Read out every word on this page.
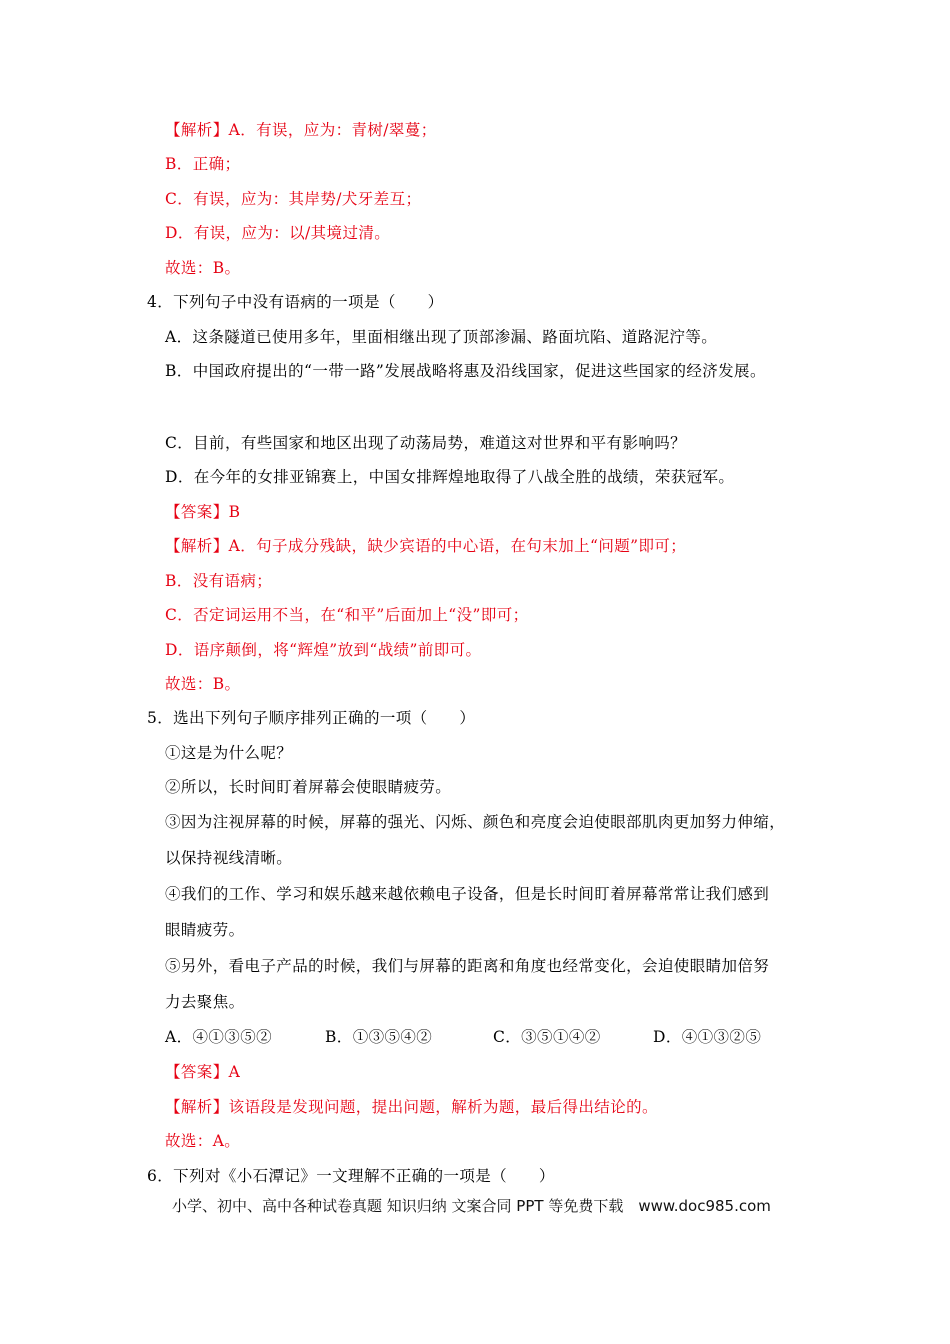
【解析】A．有误，应为：青树/翠蔓；
B．正确；
C．有误，应为：其岸势/犬牙差互；
D．有误，应为：以/其境过清。
故选：B。
4．下列句子中没有语病的一项是（　　）
A．这条隧道已使用多年，里面相继出现了顶部渗漏、路面坑陷、道路泥泞等。
B．中国政府提出的“一带一路”发展战略将惠及沿线国家，促进这些国家的经济发展。
C．目前，有些国家和地区出现了动荡局势，难道这对世界和平有影响吗？
D．在今年的女排亚锦赛上，中国女排辉煌地取得了八战全胜的战绩，荣获冠军。
【答案】B
【解析】A．句子成分残缺，缺少宾语的中心语，在句末加上“问题”即可；
B．没有语病；
C．否定词运用不当，在“和平”后面加上“没”即可；
D．语序颠倒，将“辉煌”放到“战绩”前即可。
故选：B。
5．选出下列句子顺序排列正确的一项（　　）
①这是为什么呢？
②所以，长时间盯着屏幕会使眼睛疲劳。
③因为注视屏幕的时候，屏幕的强光、闪烁、颜色和亮度会迫使眼部肌肉更加努力伸缩，
以保持视线清晰。
④我们的工作、学习和娱乐越来越依赖电子设备，但是长时间盯着屏幕常常让我们感到
眼睛疲劳。
⑤另外，看电子产品的时候，我们与屏幕的距离和角度也经常变化，会迫使眼睛加倍努
力去聚焦。
A．④①③⑤②	B．①③⑤④②	C．③⑤①④②	D．④①③②⑤
【答案】A
【解析】该语段是发现问题，提出问题，解析为题，最后得出结论的。
故选：A。
6．下列对《小石潭记》一文理解不正确的一项是（　　）
小学、初中、高中各种试卷真题 知识归纳 文案合同 PPT 等免费下载　www.doc985.com
